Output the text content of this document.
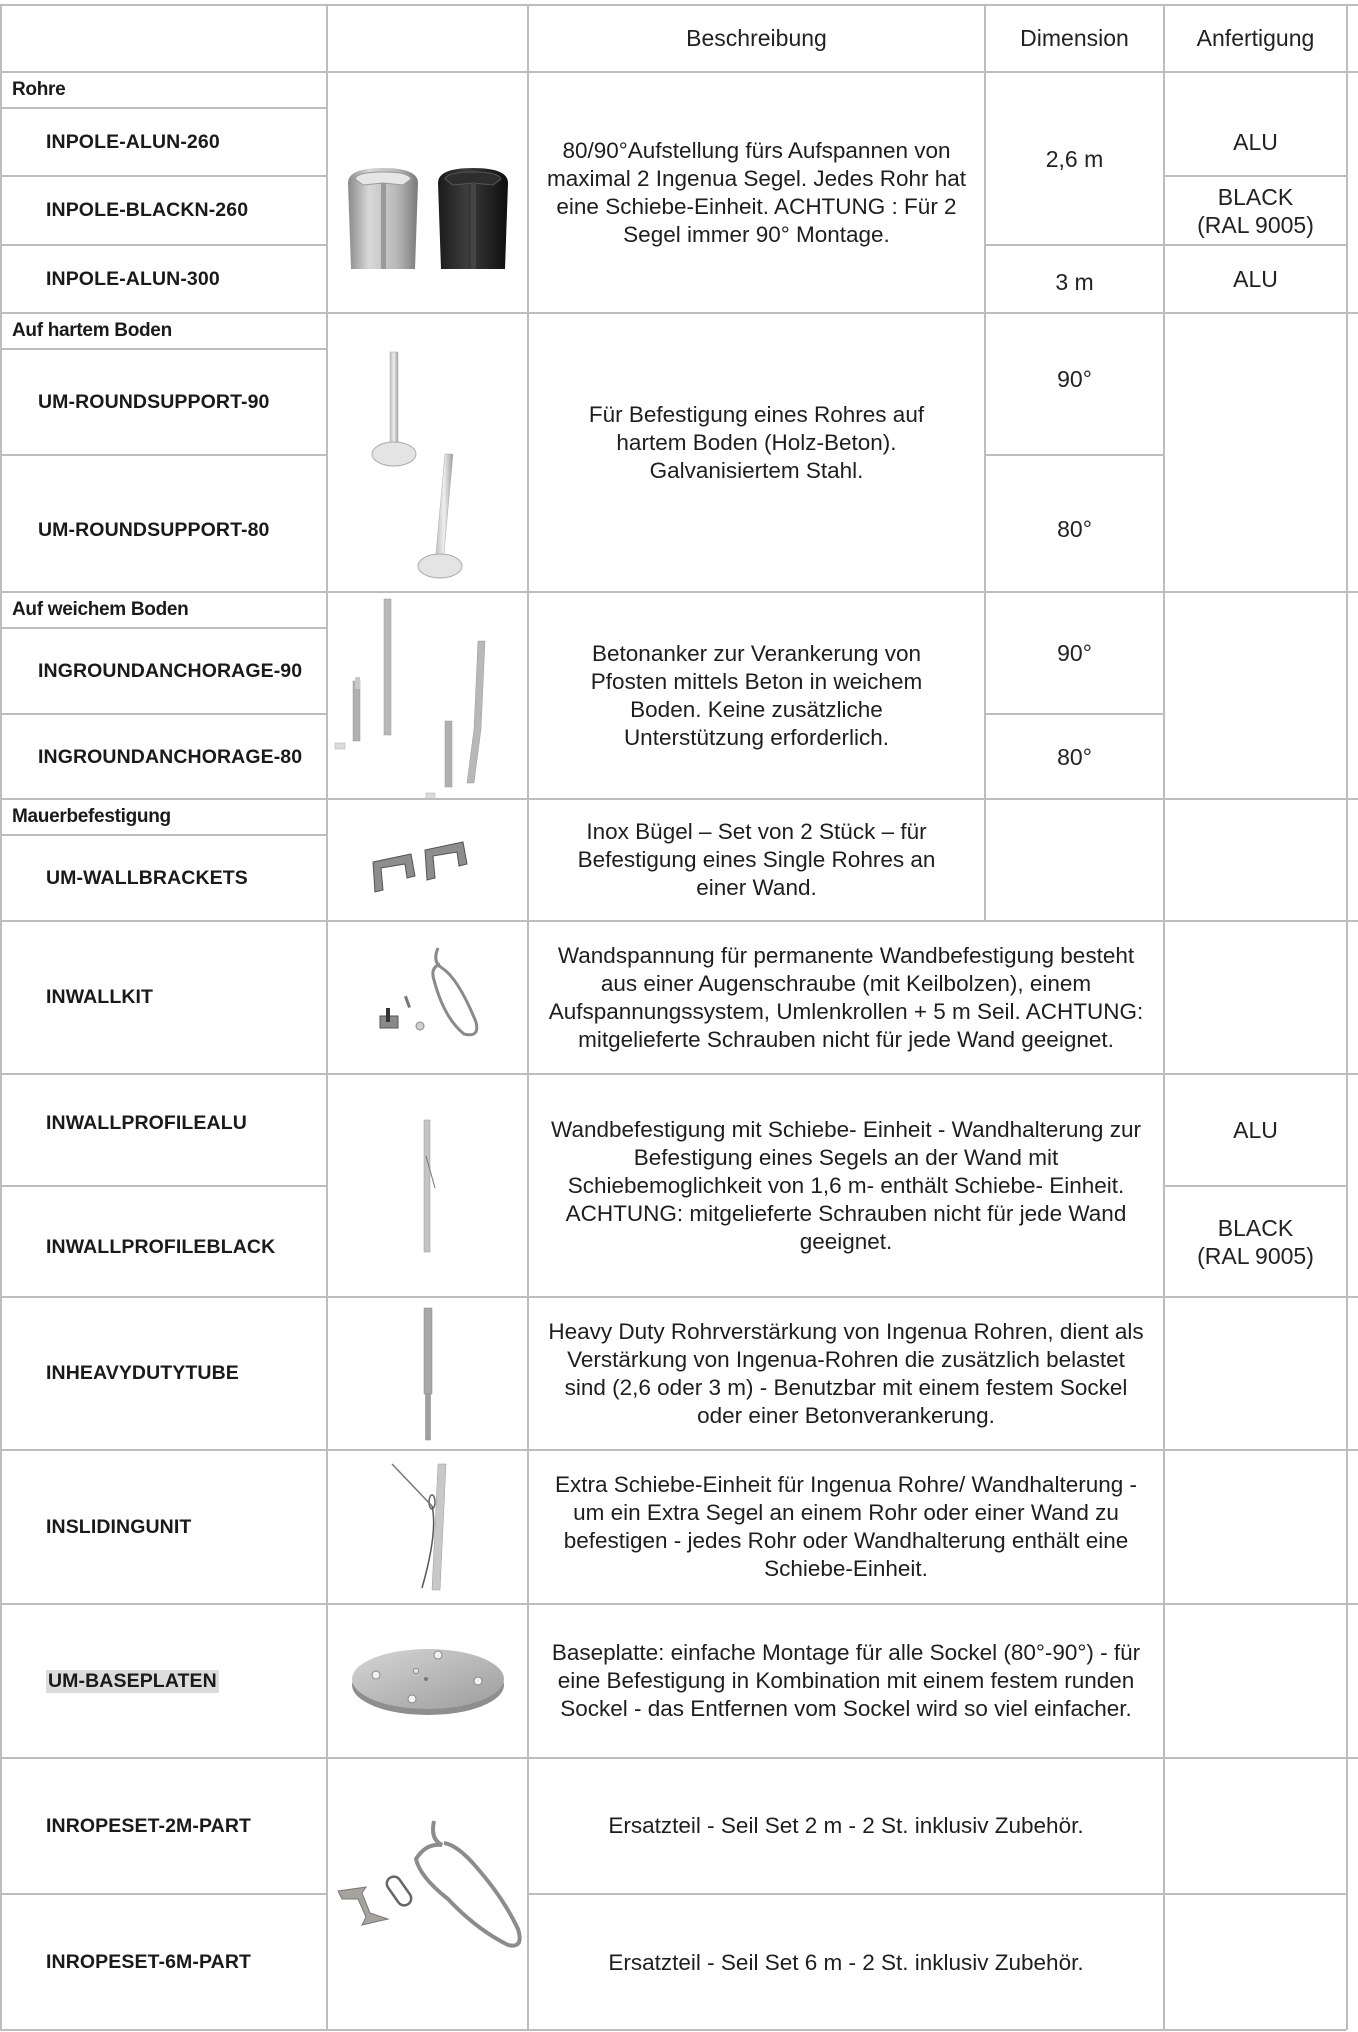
Beschreibung	Dimension	Anfertigung
Rohre
INPOLE-ALUN-260
INPOLE-BLACKN-260
INPOLE-ALUN-300
80/90°Aufstellung fürs Aufspannen von maximal 2 Ingenua Segel. Jedes Rohr hat eine Schiebe-Einheit. ACHTUNG : Für 2 Segel immer 90° Montage.
2,6 m
3 m
ALU
BLACK
(RAL 9005)
ALU
Auf hartem Boden
UM-ROUNDSUPPORT-90
UM-ROUNDSUPPORT-80
Für Befestigung eines Rohres auf hartem Boden (Holz-Beton). Galvanisiertem Stahl.
90°
80°
Auf weichem Boden
INGROUNDANCHORAGE-90
INGROUNDANCHORAGE-80
Betonanker zur Verankerung von Pfosten mittels Beton in weichem Boden. Keine zusätzliche Unterstützung erforderlich.
90°
80°
Mauerbefestigung
UM-WALLBRACKETS
Inox Bügel – Set von 2 Stück – für Befestigung eines Single Rohres an einer Wand.
INWALLKIT
Wandspannung für permanente Wandbefestigung besteht aus einer Augenschraube (mit Keilbolzen), einem Aufspannungssystem, Umlenkrollen + 5 m Seil. ACHTUNG: mitgelieferte Schrauben nicht für jede Wand geeignet.
INWALLPROFILEALU
INWALLPROFILEBLACK
Wandbefestigung mit Schiebe- Einheit - Wandhalterung zur Befestigung eines Segels an der Wand mit Schiebemoglichkeit von 1,6 m- enthält Schiebe- Einheit. ACHTUNG: mitgelieferte Schrauben nicht für jede Wand geeignet.
ALU
BLACK
(RAL 9005)
INHEAVYDUTYTUBE
Heavy Duty Rohrverstärkung von Ingenua Rohren, dient als Verstärkung von Ingenua-Rohren die zusätzlich belastet sind (2,6 oder 3 m) - Benutzbar mit einem festem Sockel oder einer Betonverankerung.
INSLIDINGUNIT
Extra Schiebe-Einheit für Ingenua Rohre/ Wandhalterung - um ein Extra Segel an einem Rohr oder einer Wand zu befestigen - jedes Rohr oder Wandhalterung enthält eine Schiebe-Einheit.
UM-BASEPLATEN
Baseplatte: einfache Montage für alle Sockel (80°-90°) - für eine Befestigung in Kombination mit einem festem runden Sockel - das Entfernen vom Sockel wird so viel einfacher.
INROPESET-2M-PART
INROPESET-6M-PART
Ersatzteil - Seil Set 2 m - 2 St. inklusiv Zubehör.
Ersatzteil - Seil Set 6 m - 2 St. inklusiv Zubehör.
